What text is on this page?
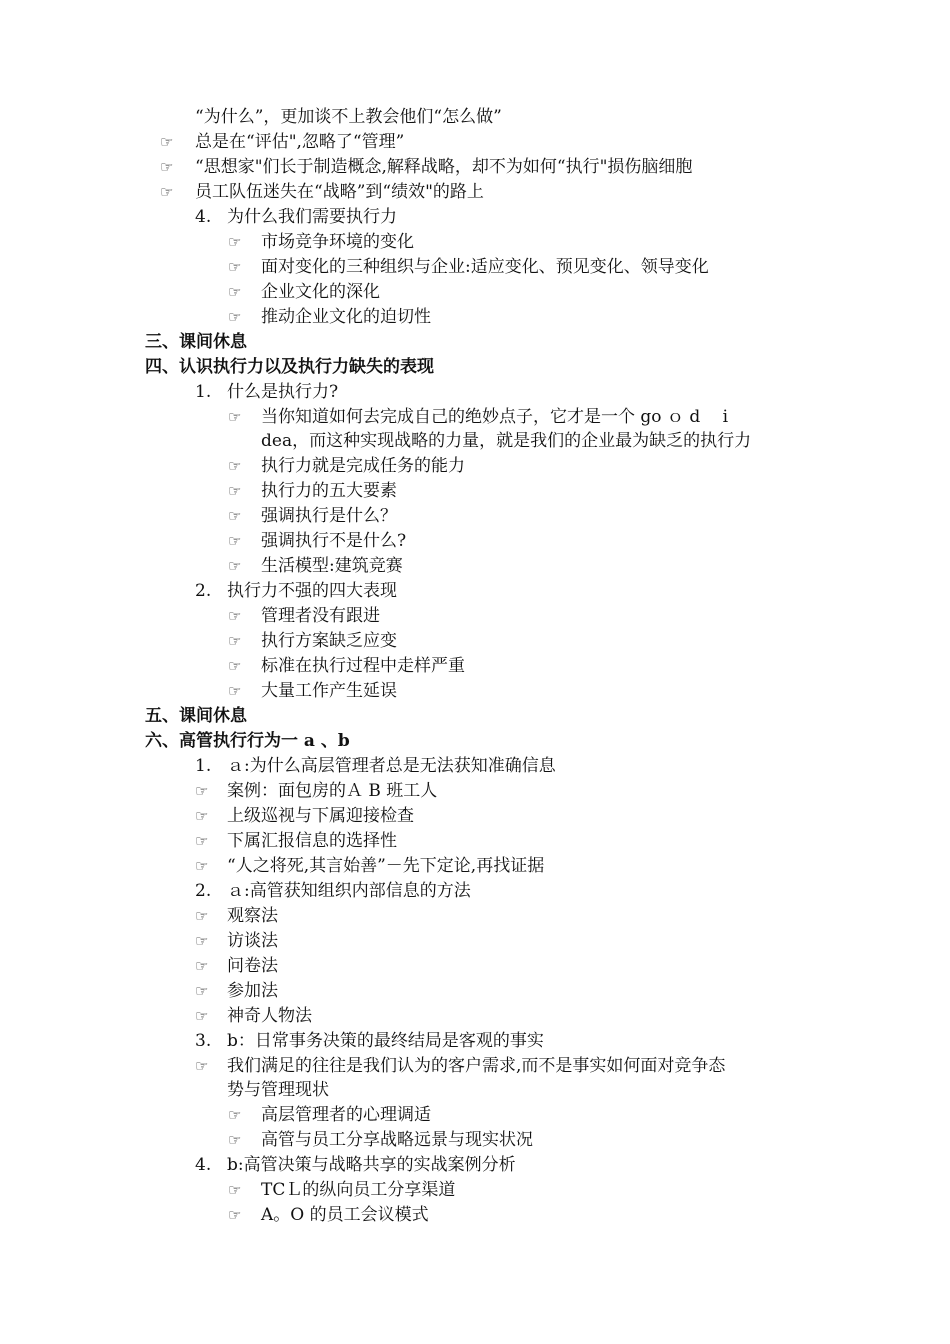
“为什么”，更加谈不上教会他们“怎么做”
☞ 总是在“评估",忽略了“管理”
☞ “思想家"们长于制造概念,解释战略，却不为如何“执行"损伤脑细胞
☞ 员工队伍迷失在“战略”到“绩效"的路上
4. 为什么我们需要执行力
☞ 市场竞争环境的变化
☞ 面对变化的三种组织与企业:适应变化、预见变化、领导变化
☞ 企业文化的深化
☞ 推动企业文化的迫切性
三、课间休息
四、认识执行力以及执行力缺失的表现
1. 什么是执行力?
☞ 当你知道如何去完成自己的绝妙点子，它才是一个 go ｏ d　 i
dea，而这种实现战略的力量，就是我们的企业最为缺乏的执行力
☞ 执行力就是完成任务的能力
☞ 执行力的五大要素
☞ 强调执行是什么？
☞ 强调执行不是什么?
☞ 生活模型:建筑竞赛
2. 执行力不强的四大表现
☞ 管理者没有跟进
☞ 执行方案缺乏应变
☞ 标准在执行过程中走样严重
☞ 大量工作产生延误
五、课间休息
六、高管执行行为一 a 、b
1. ａ:为什么高层管理者总是无法获知准确信息
☞ 案例：面包房的Ａ B 班工人
☞ 上级巡视与下属迎接检查
☞ 下属汇报信息的选择性
☞ “人之将死,其言始善”－先下定论,再找证据
2. ａ:高管获知组织内部信息的方法
☞ 观察法
☞ 访谈法
☞ 问卷法
☞ 参加法
☞ 神奇人物法
3. b：日常事务决策的最终结局是客观的事实
☞ 我们满足的往往是我们认为的客户需求,而不是事实如何面对竞争态
势与管理现状
☞ 高层管理者的心理调适
☞ 高管与员工分享战略远景与现实状况
4. b:高管决策与战略共享的实战案例分析
☞ TCＬ的纵向员工分享渠道
☞ A。O 的员工会议模式
